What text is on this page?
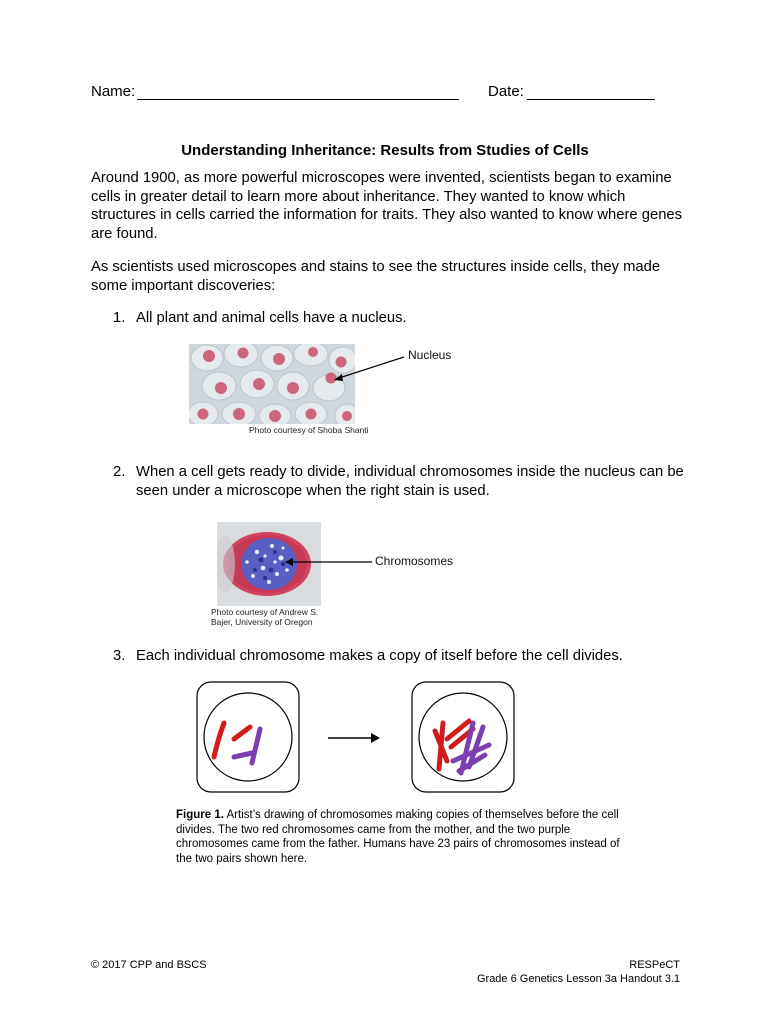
Name:	Date:
Understanding Inheritance: Results from Studies of Cells
Around 1900, as more powerful microscopes were invented, scientists began to examine cells in greater detail to learn more about inheritance. They wanted to know which structures in cells carried the information for traits. They also wanted to know where genes are found.
As scientists used microscopes and stains to see the structures inside cells, they made some important discoveries:
1. All plant and animal cells have a nucleus.
Nucleus
Photo courtesy of Shoba Shanti
2. When a cell gets ready to divide, individual chromosomes inside the nucleus can be seen under a microscope when the right stain is used.
Chromosomes
Photo courtesy of Andrew S.
Bajer, University of Oregon
3. Each individual chromosome makes a copy of itself before the cell divides.
Figure 1. Artist’s drawing of chromosomes making copies of themselves before the cell divides. The two red chromosomes came from the mother, and the two purple chromosomes came from the father. Humans have 23 pairs of chromosomes instead of the two pairs shown here.
© 2017 CPP and BSCS	RESPeCT
Grade 6 Genetics Lesson 3a Handout 3.1
